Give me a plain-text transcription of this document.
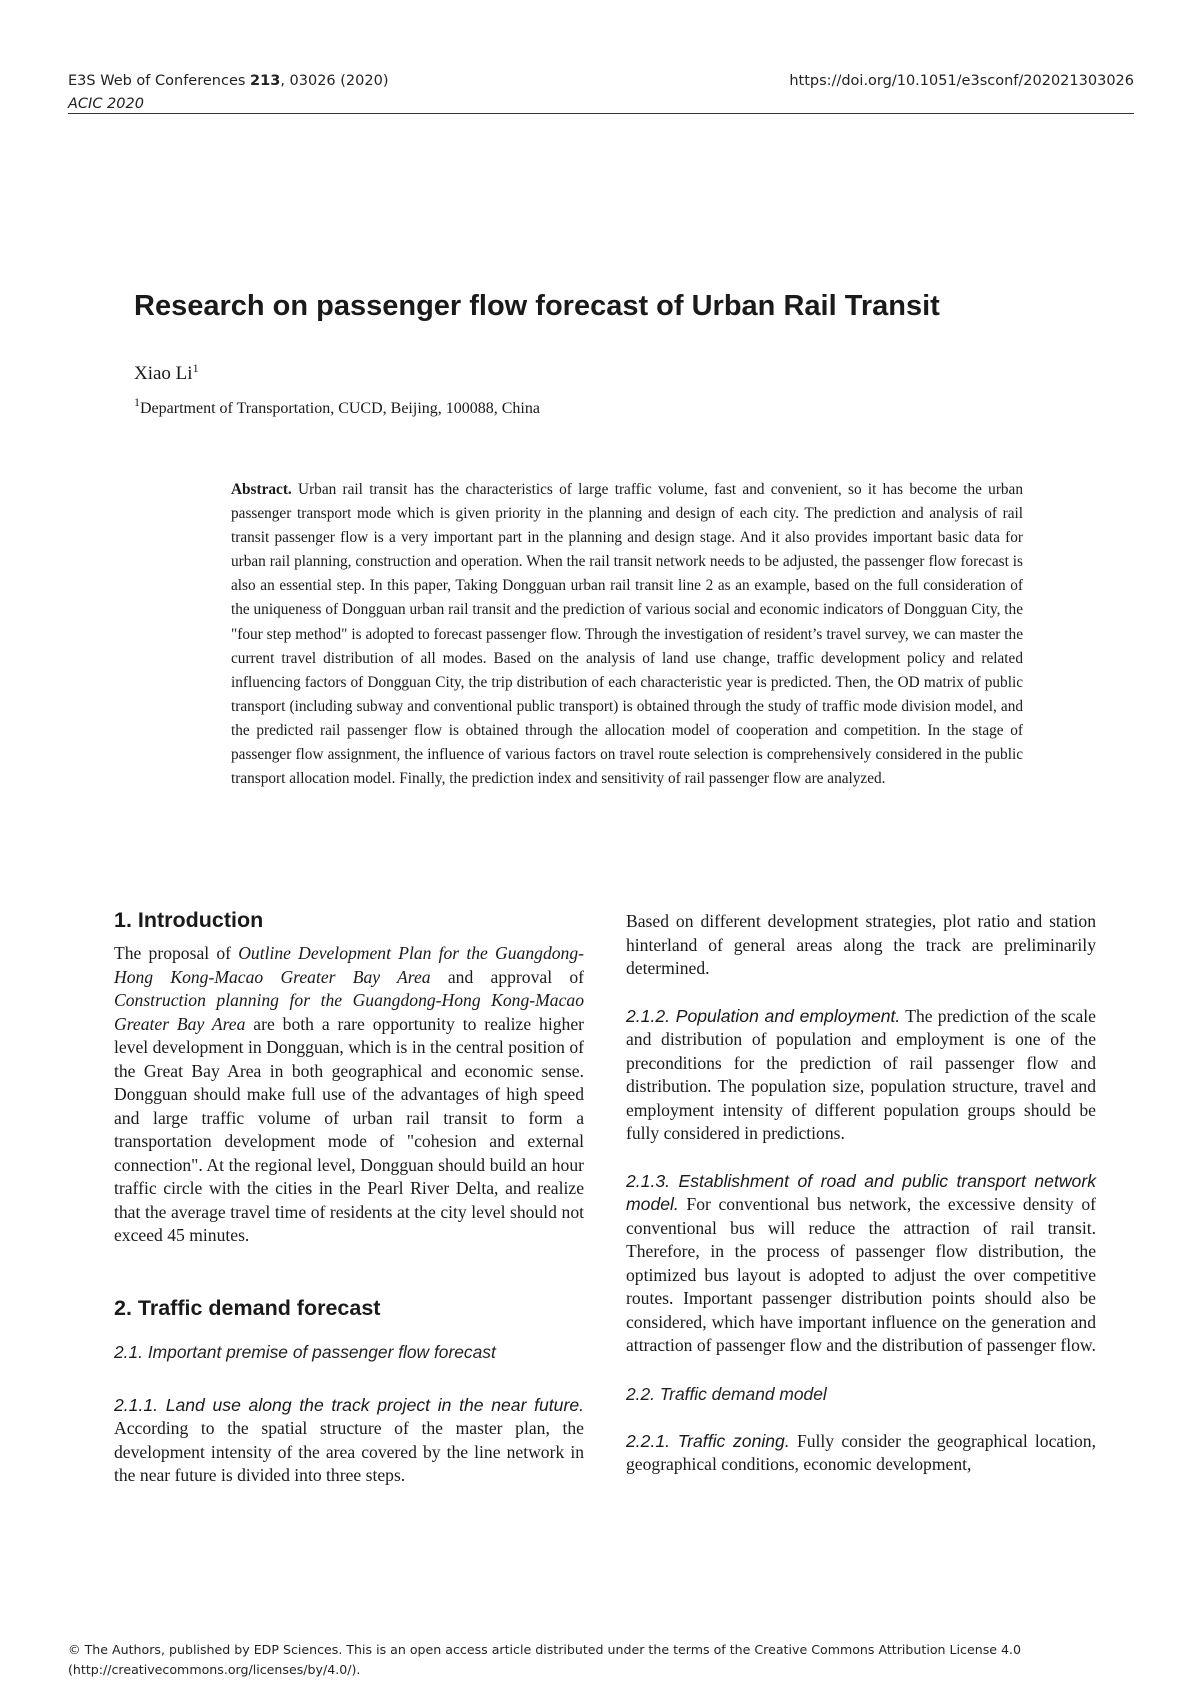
E3S Web of Conferences 213, 03026 (2020)
ACIC 2020
https://doi.org/10.1051/e3sconf/202021303026
Research on passenger flow forecast of Urban Rail Transit
Xiao Li$^1$
$^1$Department of Transportation, CUCD, Beijing, 100088, China

Abstract. Urban rail transit has the characteristics of large traffic volume, fast and convenient, so it has become the urban passenger transport mode which is given priority in the planning and design of each city. The prediction and analysis of rail transit passenger flow is a very important part in the planning and design stage. And it also provides important basic data for urban rail planning, construction and operation. When the rail transit network needs to be adjusted, the passenger flow forecast is also an essential step. In this paper, Taking Dongguan urban rail transit line 2 as an example, based on the full consideration of the uniqueness of Dongguan urban rail transit and the prediction of various social and economic indicators of Dongguan City, the "four step method" is adopted to forecast passenger flow. Through the investigation of resident’s travel survey, we can master the current travel distribution of all modes. Based on the analysis of land use change, traffic development policy and related influencing factors of Dongguan City, the trip distribution of each characteristic year is predicted. Then, the OD matrix of public transport (including subway and conventional public transport) is obtained through the study of traffic mode division model, and the predicted rail passenger flow is obtained through the allocation model of cooperation and competition. In the stage of passenger flow assignment, the influence of various factors on travel route selection is comprehensively considered in the public transport allocation model. Finally, the prediction index and sensitivity of rail passenger flow are analyzed.

1. Introduction

The proposal of Outline Development Plan for the Guangdong-Hong Kong-Macao Greater Bay Area and approval of Construction planning for the Guangdong-Hong Kong-Macao Greater Bay Area are both a rare opportunity to realize higher level development in Dongguan, which is in the central position of the Great Bay Area in both geographical and economic sense. Dongguan should make full use of the advantages of high speed and large traffic volume of urban rail transit to form a transportation development mode of "cohesion and external connection". At the regional level, Dongguan should build an hour traffic circle with the cities in the Pearl River Delta, and realize that the average travel time of residents at the city level should not exceed 45 minutes.

2. Traffic demand forecast
2.1. Important premise of passenger flow forecast

2.1.1. Land use along the track project in the near future. According to the spatial structure of the master plan, the development intensity of the area covered by the line network in the near future is divided into three steps.

Based on different development strategies, plot ratio and station hinterland of general areas along the track are preliminarily determined.

2.1.2. Population and employment. The prediction of the scale and distribution of population and employment is one of the preconditions for the prediction of rail passenger flow and distribution. The population size, population structure, travel and employment intensity of different population groups should be fully considered in predictions.

2.1.3. Establishment of road and public transport network model. For conventional bus network, the excessive density of conventional bus will reduce the attraction of rail transit. Therefore, in the process of passenger flow distribution, the optimized bus layout is adopted to adjust the over competitive routes. Important passenger distribution points should also be considered, which have important influence on the generation and attraction of passenger flow and the distribution of passenger flow.

2.2. Traffic demand model

2.2.1. Traffic zoning. Fully consider the geographical location, geographical conditions, economic development,

© The Authors, published by EDP Sciences. This is an open access article distributed under the terms of the Creative Commons Attribution License 4.0
(http://creativecommons.org/licenses/by/4.0/).
